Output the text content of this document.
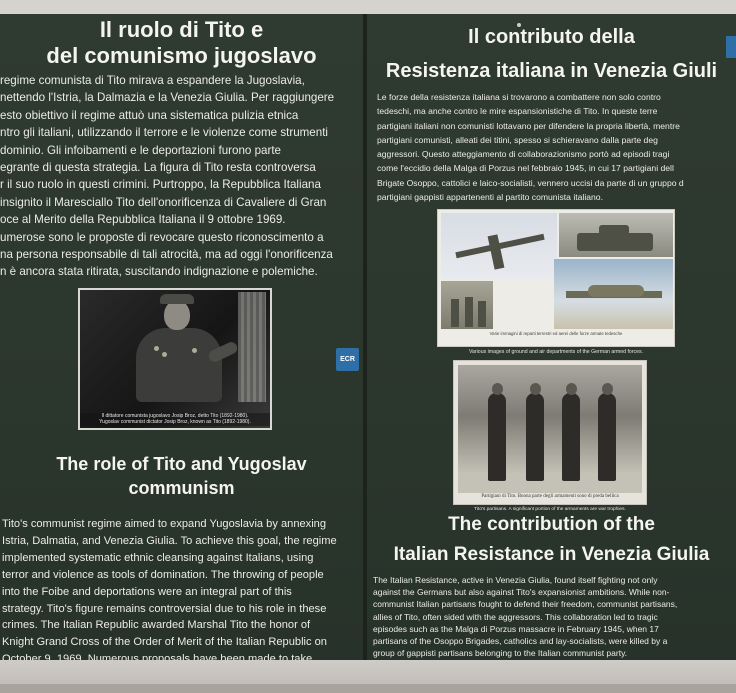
Il ruolo di Tito e
del comunismo jugoslavo
regime comunista di Tito mirava a espandere la Jugoslavia,
nettendo l'Istria, la Dalmazia e la Venezia Giulia. Per raggiungere
esto obiettivo il regime attuò una sistematica pulizia etnica
ntro gli italiani, utilizzando il terrore e le violenze come strumenti
dominio. Gli infoibamenti e le deportazioni furono parte
egrante di questa strategia. La figura di Tito resta controversa
r il suo ruolo in questi crimini. Purtroppo, la Repubblica Italiana
insignito il Maresciallo Tito dell'onorificenza di Cavaliere di Gran
oce al Merito della Repubblica Italiana il 9 ottobre 1969.
umerose sono le proposte di revocare questo riconoscimento a
na persona responsabile di tali atrocità, ma ad oggi l'onorificenza
n è ancora stata ritirata, suscitando indignazione e polemiche.
Il dittatore comunista jugoslavo Josip Broz, detto Tito (1892-1980).
Yugoslav communist dictator Josip Broz, known as Tito (1892-1980).
ECR
The role of Tito and Yugoslav
communism
Tito's communist regime aimed to expand Yugoslavia by annexing
Istria, Dalmatia, and Venezia Giulia. To achieve this goal, the regime
implemented systematic ethnic cleansing against Italians, using
terror and violence as tools of domination. The throwing of people
into the Foibe and deportations were an integral part of this
strategy. Tito's figure remains controversial due to his role in these
crimes. The Italian Republic awarded Marshal Tito the honor of
Knight Grand Cross of the Order of Merit of the Italian Republic on
Il contributo della
Resistenza italiana in Venezia Giuli
Le forze della resistenza italiana si trovarono a combattere non solo contro
tedeschi, ma anche contro le mire espansionistiche di Tito. In queste terre
partigiani italiani non comunisti lottavano per difendere la propria libertà, mentre
partigiani comunisti, alleati dei titini, spesso si schieravano dalla parte deg
aggressori. Questo atteggiamento di collaborazionismo portò ad episodi tragi
come l'eccidio della Malga di Porzus nel febbraio 1945, in cui 17 partigiani dell
Brigate Osoppo, cattolici e laico-socialisti, vennero uccisi da parte di un gruppo d
partigiani gappisti appartenenti al partito comunista italiano.
Varie immagini di reparti terrestri ed aerei delle forze armate tedesche
Various images of ground and air departments of the German armed forces.
Partigiani di Tito. Buona parte degli armamenti sono di preda bellica
Tito's partisans. A significant portion of the armaments are war trophies.
The contribution of the
Italian Resistance in Venezia Giulia
The Italian Resistance, active in Venezia Giulia, found itself fighting not only
against the Germans but also against Tito's expansionist ambitions. While non-
communist Italian partisans fought to defend their freedom, communist partisans,
allies of Tito, often sided with the aggressors. This collaboration led to tragic
episodes such as the Malga di Porzus massacre in February 1945, when 17
partisans of the Osoppo Brigades, catholics and lay-socialists, were killed by a
group of gappisti partisans belonging to the Italian communist party.
